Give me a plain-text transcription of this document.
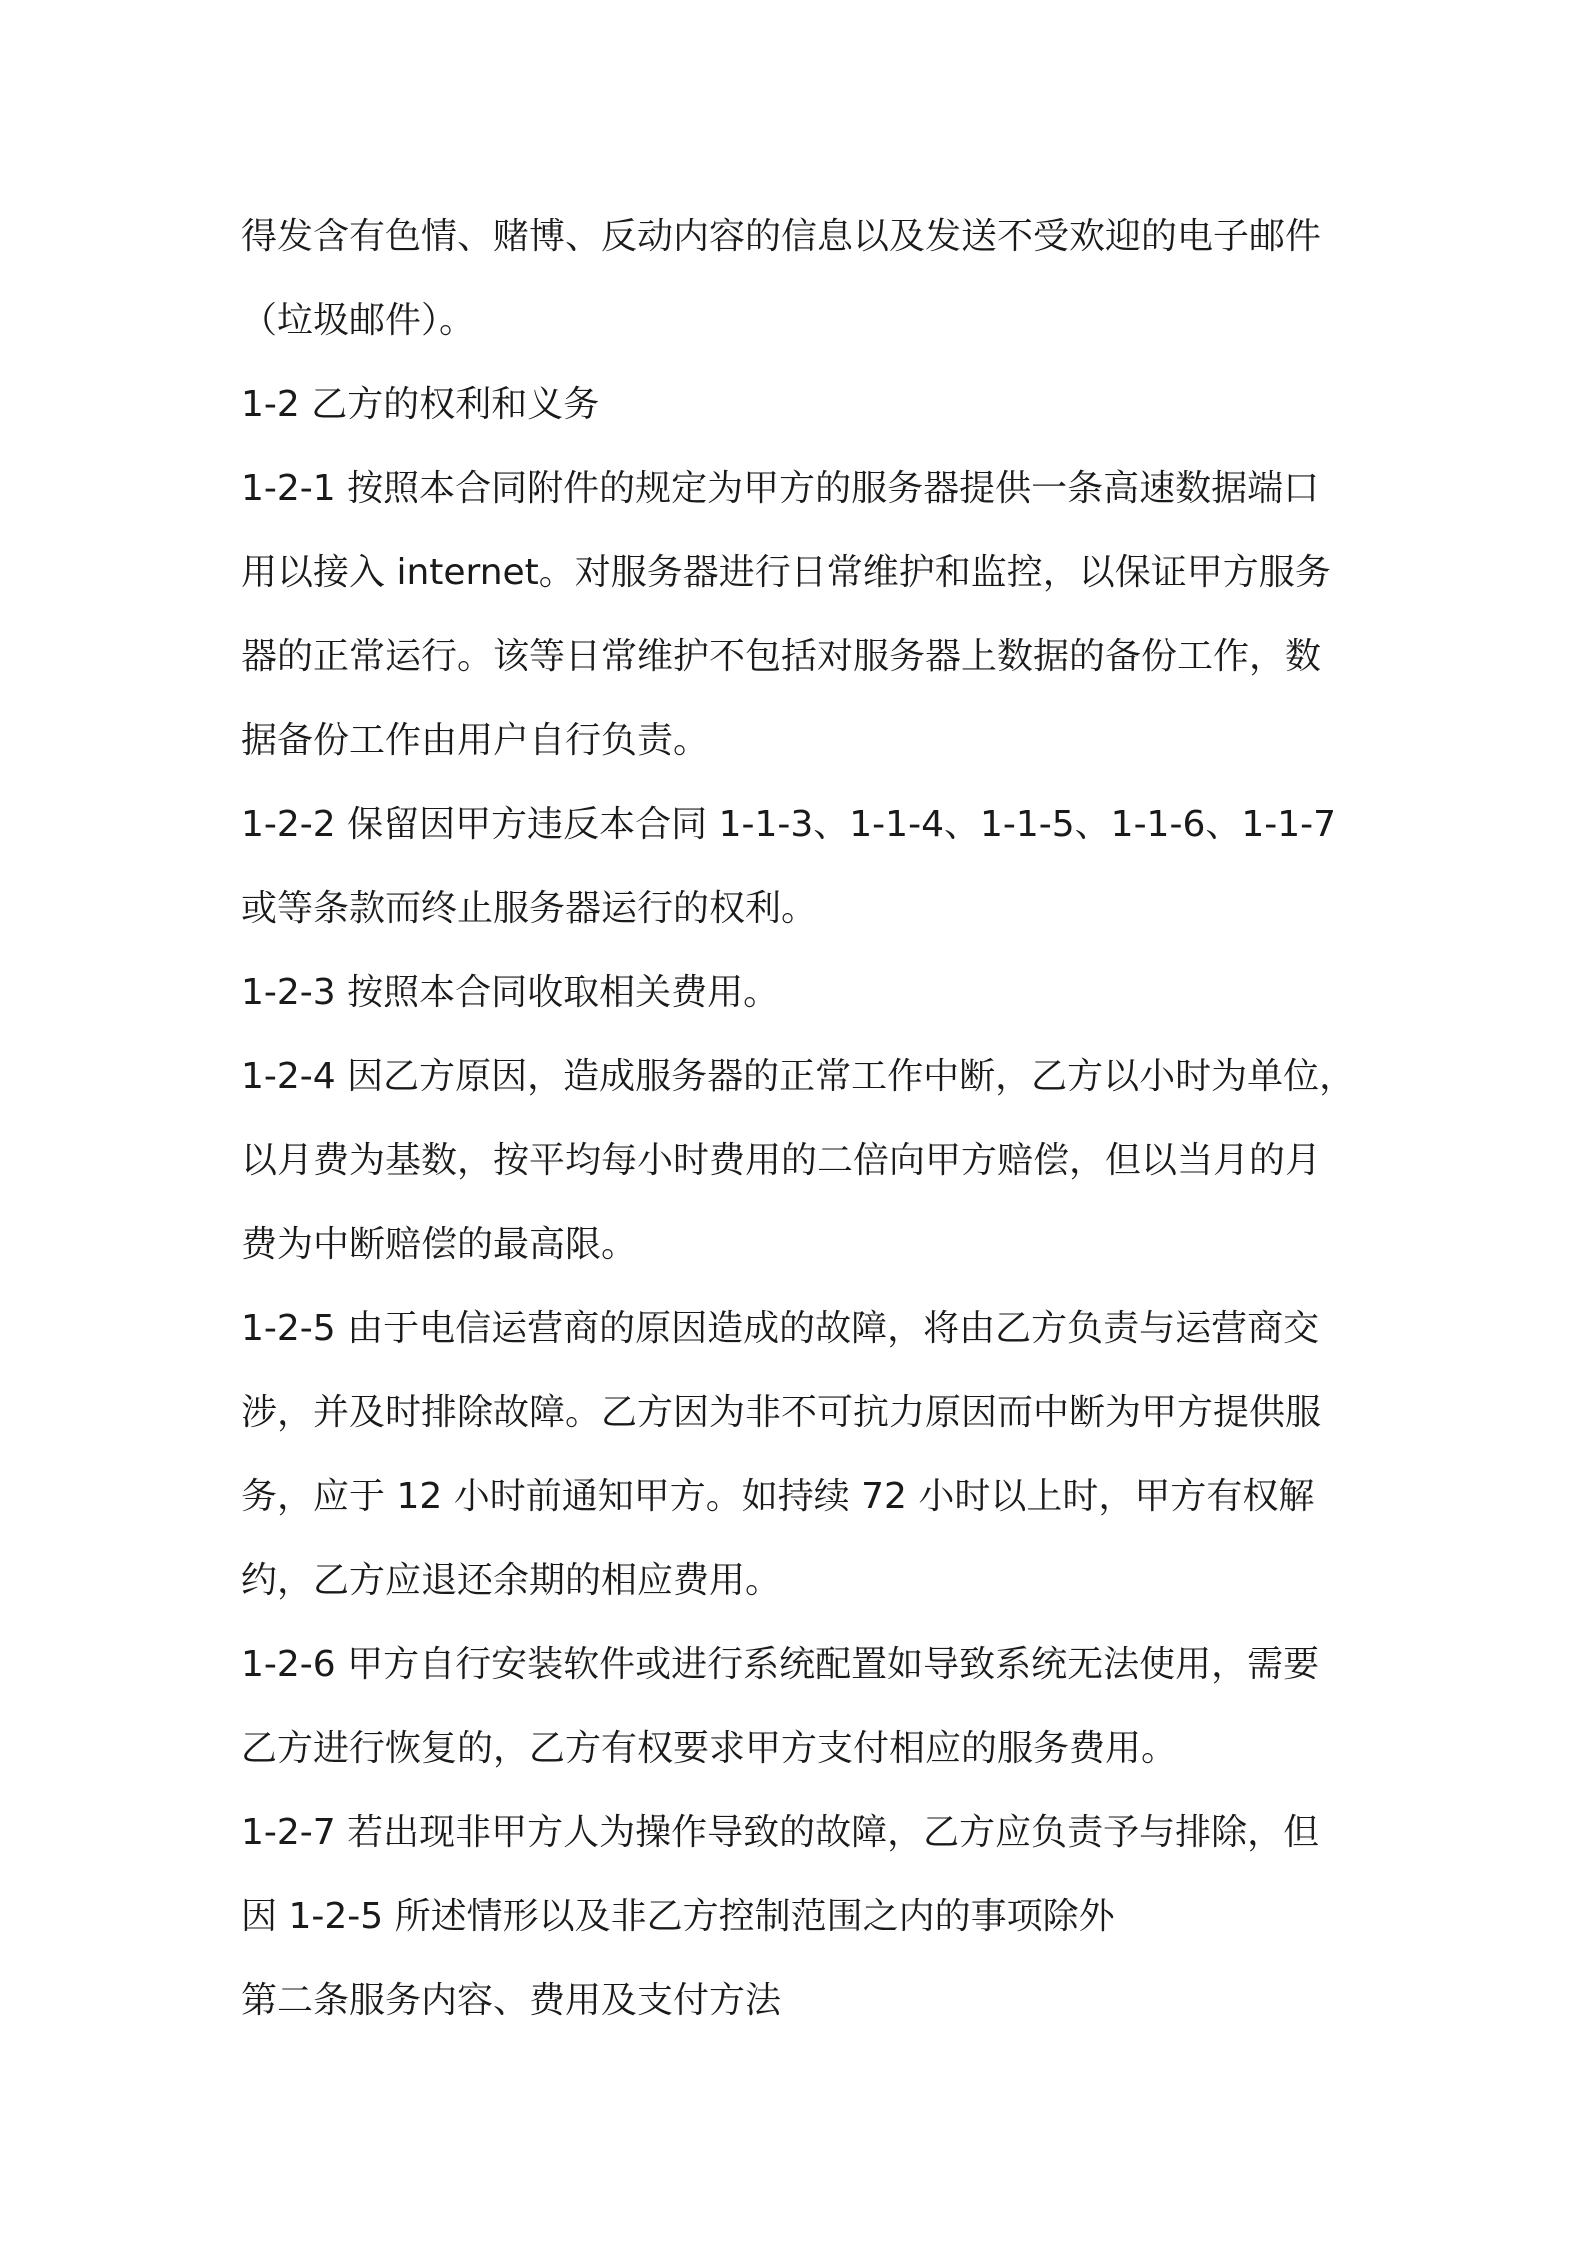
得发含有色情、赌博、反动内容的信息以及发送不受欢迎的电子邮件
（垃圾邮件）。
1-2 乙方的权利和义务
1-2-1 按照本合同附件的规定为甲方的服务器提供一条高速数据端口
用以接入 internet。对服务器进行日常维护和监控，以保证甲方服务
器的正常运行。该等日常维护不包括对服务器上数据的备份工作，数
据备份工作由用户自行负责。
1-2-2 保留因甲方违反本合同 1-1-3、1-1-4、1-1-5、1-1-6、1-1-7
或等条款而终止服务器运行的权利。
1-2-3 按照本合同收取相关费用。
1-2-4 因乙方原因，造成服务器的正常工作中断，乙方以小时为单位，
以月费为基数，按平均每小时费用的二倍向甲方赔偿，但以当月的月
费为中断赔偿的最高限。
1-2-5 由于电信运营商的原因造成的故障，将由乙方负责与运营商交
涉，并及时排除故障。乙方因为非不可抗力原因而中断为甲方提供服
务，应于 12 小时前通知甲方。如持续 72 小时以上时，甲方有权解
约，乙方应退还余期的相应费用。
1-2-6 甲方自行安装软件或进行系统配置如导致系统无法使用，需要
乙方进行恢复的，乙方有权要求甲方支付相应的服务费用。
1-2-7 若出现非甲方人为操作导致的故障，乙方应负责予与排除，但
因 1-2-5 所述情形以及非乙方控制范围之内的事项除外
第二条服务内容、费用及支付方法
